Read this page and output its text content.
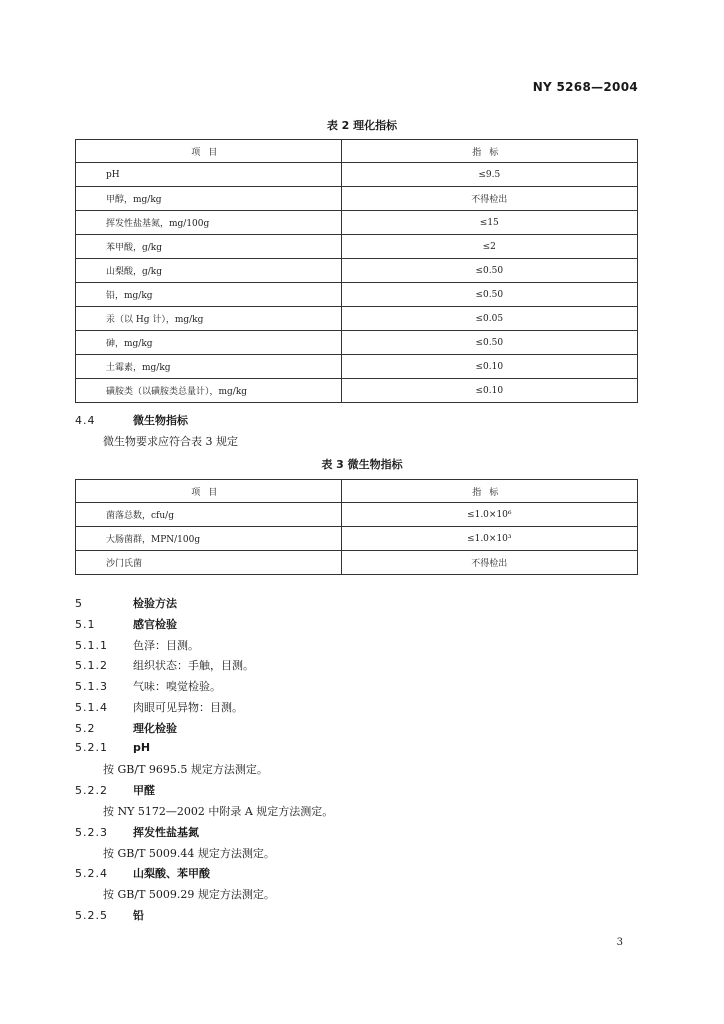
NY 5268—2004
表 2 理化指标
项目	指标
pH	≤9.5
甲醇，mg/kg	不得检出
挥发性盐基氮，mg/100g	≤15
苯甲酸，g/kg	≤2
山梨酸，g/kg	≤0.50
铅，mg/kg	≤0.50
汞（以 Hg 计），mg/kg	≤0.05
砷，mg/kg	≤0.50
土霉素，mg/kg	≤0.10
磺胺类（以磺胺类总量计），mg/kg	≤0.10
4.4	微生物指标
微生物要求应符合表 3 规定
表 3 微生物指标
项目	指标
菌落总数，cfu/g	≤1.0×10⁶
大肠菌群，MPN/100g	≤1.0×10³
沙门氏菌	不得检出
5	检验方法
5.1	感官检验
5.1.1 色泽：目测。
5.1.2 组织状态：手触，目测。
5.1.3 气味：嗅觉检验。
5.1.4 肉眼可见异物：目测。
5.2	理化检验
5.2.1 pH
按 GB/T 9695.5 规定方法测定。
5.2.2 甲醛
按 NY 5172—2002 中附录 A 规定方法测定。
5.2.3 挥发性盐基氮
按 GB/T 5009.44 规定方法测定。
5.2.4 山梨酸、苯甲酸
按 GB/T 5009.29 规定方法测定。
5.2.5 铅
3
